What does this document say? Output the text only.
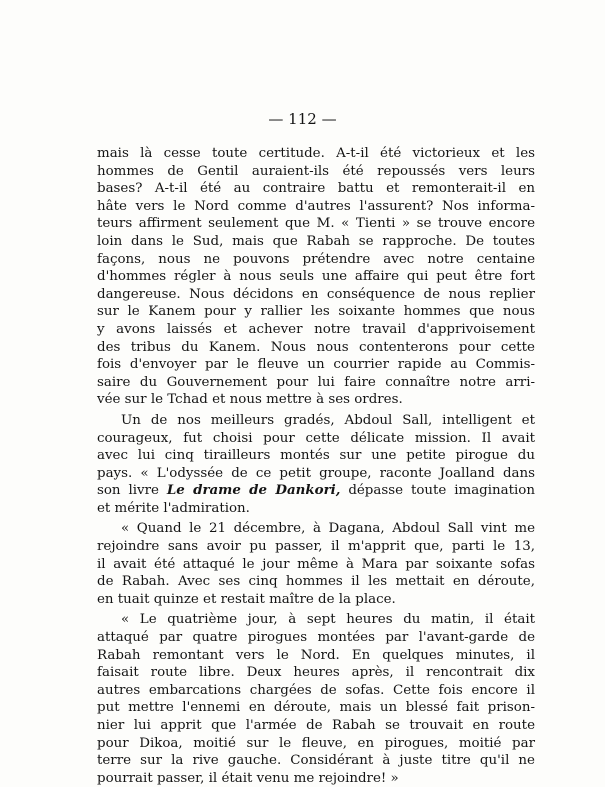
— 112 —
mais là cesse toute certitude. A-t-il été victorieux et les
hommes de Gentil auraient-ils été repoussés vers leurs
bases? A-t-il été au contraire battu et remonterait-il en
hâte vers le Nord comme d'autres l'assurent? Nos informa-
teurs affirment seulement que M. « Tienti » se trouve encore
loin dans le Sud, mais que Rabah se rapproche. De toutes
façons, nous ne pouvons prétendre avec notre centaine
d'hommes régler à nous seuls une affaire qui peut être fort
dangereuse. Nous décidons en conséquence de nous replier
sur le Kanem pour y rallier les soixante hommes que nous
y avons laissés et achever notre travail d'apprivoisement
des tribus du Kanem. Nous nous contenterons pour cette
fois d'envoyer par le fleuve un courrier rapide au Commis-
saire du Gouvernement pour lui faire connaître notre arri-
vée sur le Tchad et nous mettre à ses ordres.
Un de nos meilleurs gradés, Abdoul Sall, intelligent et
courageux, fut choisi pour cette délicate mission. Il avait
avec lui cinq tirailleurs montés sur une petite pirogue du
pays. « L'odyssée de ce petit groupe, raconte Joalland dans
son livre Le drame de Dankori, dépasse toute imagination
et mérite l'admiration.
« Quand le 21 décembre, à Dagana, Abdoul Sall vint me
rejoindre sans avoir pu passer, il m'apprit que, parti le 13,
il avait été attaqué le jour même à Mara par soixante sofas
de Rabah. Avec ses cinq hommes il les mettait en déroute,
en tuait quinze et restait maître de la place.
« Le quatrième jour, à sept heures du matin, il était
attaqué par quatre pirogues montées par l'avant-garde de
Rabah remontant vers le Nord. En quelques minutes, il
faisait route libre. Deux heures après, il rencontrait dix
autres embarcations chargées de sofas. Cette fois encore il
put mettre l'ennemi en déroute, mais un blessé fait prison-
nier lui apprit que l'armée de Rabah se trouvait en route
pour Dikoa, moitié sur le fleuve, en pirogues, moitié par
terre sur la rive gauche. Considérant à juste titre qu'il ne
pourrait passer, il était venu me rejoindre! »
